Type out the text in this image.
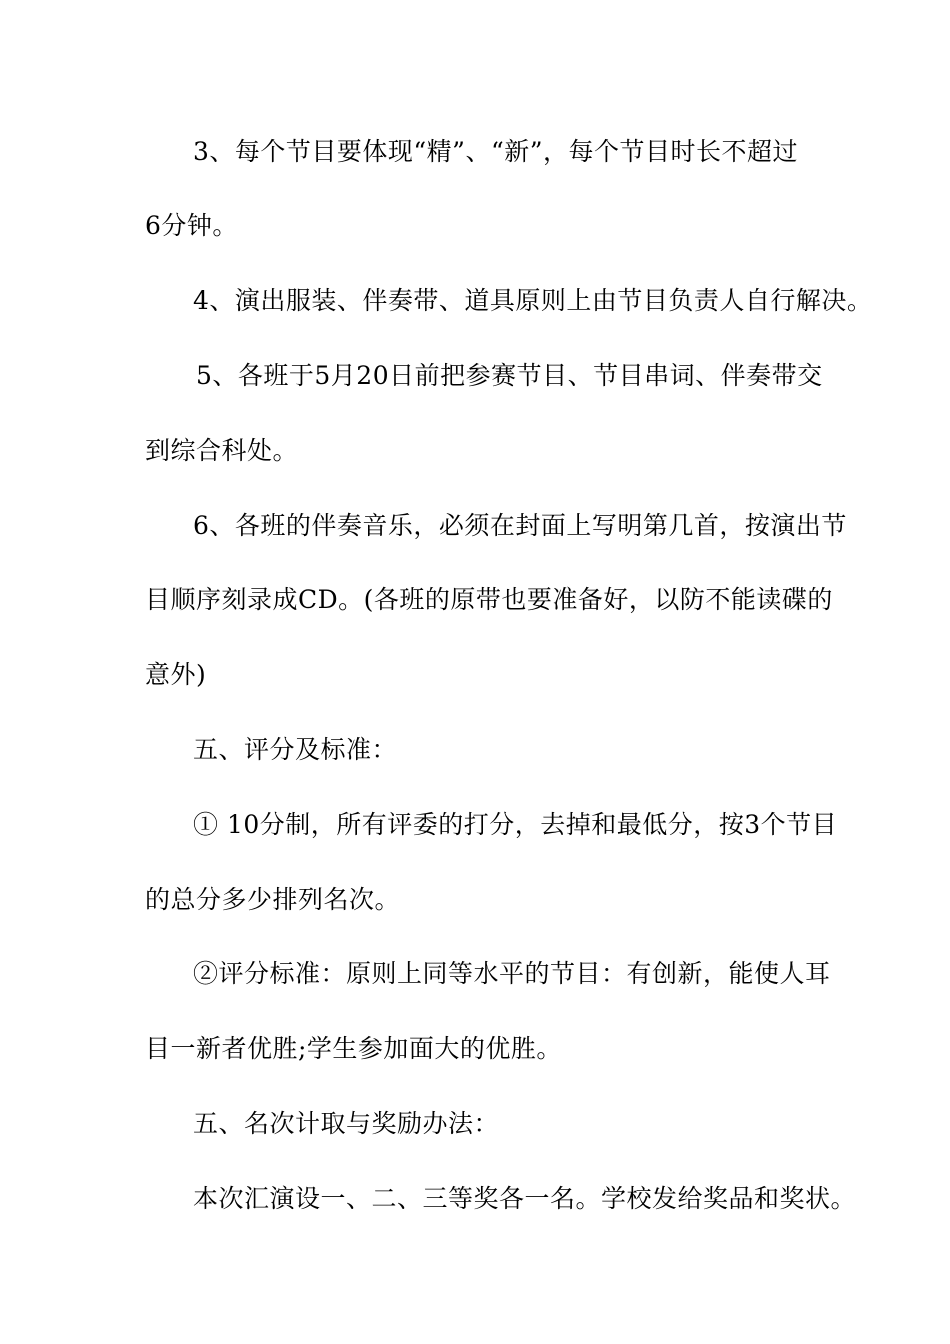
3、每个节目要体现“精”、“新”，每个节目时长不超过
6分钟。
4、演出服装、伴奏带、道具原则上由节目负责人自行解决。
5、各班于5月20日前把参赛节目、节目串词、伴奏带交
到综合科处。
6、各班的伴奏音乐，必须在封面上写明第几首，按演出节
目顺序刻录成CD。(各班的原带也要准备好，以防不能读碟的
意外)
五、评分及标准：
① 10分制，所有评委的打分，去掉和最低分，按3个节目
的总分多少排列名次。
②评分标准：原则上同等水平的节目：有创新，能使人耳
目一新者优胜;学生参加面大的优胜。
五、名次计取与奖励办法：
本次汇演设一、二、三等奖各一名。学校发给奖品和奖状。
